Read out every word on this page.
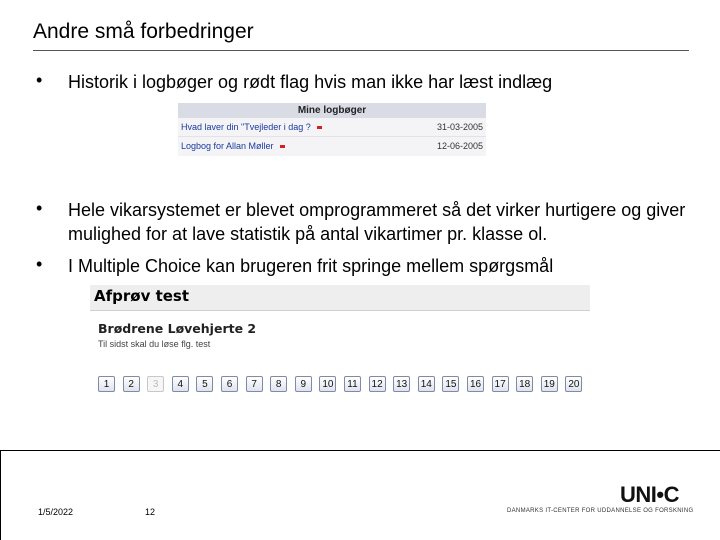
Andre små forbedringer
• Historik i logbøger og rødt flag hvis man ikke har læst indlæg
Mine logbøger
Hvad laver din "Tvejleder i dag ?	31-03-2005
Logbog for Allan Møller	12-06-2005
• Hele vikarsystemet er blevet omprogrammeret så det virker hurtigere og giver mulighed for at lave statistik på antal vikartimer pr. klasse ol.
• I Multiple Choice kan brugeren frit springe mellem spørgsmål
Afprøv test
Brødrene Løvehjerte 2
Til sidst skal du løse flg. test
1	2	3	4	5	6	7	8	9	10	11	12 13 14 15 16 17 18 19 20
1/5/2022	12
UNI•C
DANMARKS IT-CENTER FOR UDDANNELSE OG FORSKNING
